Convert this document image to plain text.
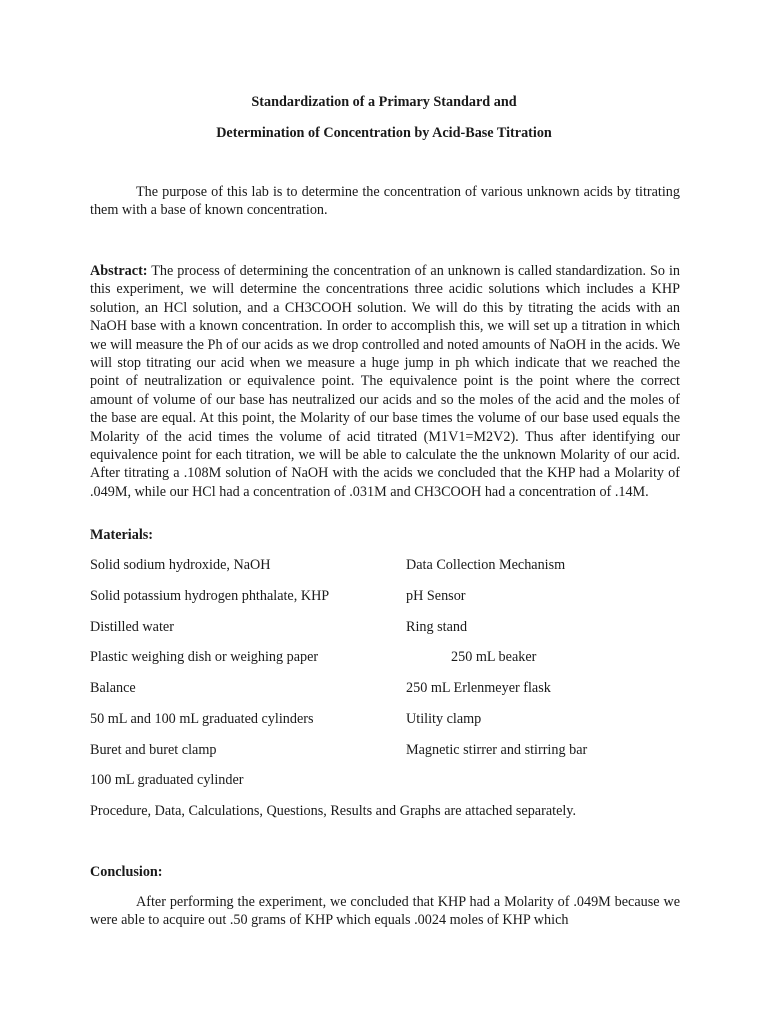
Standardization of a Primary Standard and
Determination of Concentration by Acid-Base Titration
The purpose of this lab is to determine the concentration of various unknown acids by titrating them with a base of known concentration.
Abstract: The process of determining the concentration of an unknown is called standardization. So in this experiment, we will determine the concentrations three acidic solutions which includes a KHP solution, an HCl solution, and a CH3COOH solution. We will do this by titrating the acids with an NaOH base with a known concentration. In order to accomplish this, we will set up a titration in which we will measure the Ph of our acids as we drop controlled and noted amounts of NaOH in the acids. We will stop titrating our acid when we measure a huge jump in ph which indicate that we reached the point of neutralization or equivalence point. The equivalence point is the point where the correct amount of volume of our base has neutralized our acids and so the moles of the acid and the moles of the base are equal. At this point, the Molarity of our base times the volume of our base used equals the Molarity of the acid times the volume of acid titrated (M1V1=M2V2). Thus after identifying our equivalence point for each titration, we will be able to calculate the the unknown Molarity of our acid. After titrating a .108M solution of NaOH with the acids we concluded that the KHP had a Molarity of .049M, while our HCl had a concentration of .031M and CH3COOH had a concentration of .14M.
Materials:
Solid sodium hydroxide, NaOH
Solid potassium hydrogen phthalate, KHP
Distilled water
Plastic weighing dish or weighing paper
Balance
50 mL and 100 mL graduated cylinders
Buret and buret clamp
100 mL graduated cylinder
Data Collection Mechanism
pH Sensor
Ring stand
250 mL beaker
250 mL Erlenmeyer flask
Utility clamp
Magnetic stirrer and stirring bar
Procedure, Data, Calculations, Questions, Results and Graphs are attached separately.
Conclusion:
After performing the experiment, we concluded that KHP had a Molarity of .049M because we were able to acquire out .50 grams of KHP which equals .0024 moles of KHP which
